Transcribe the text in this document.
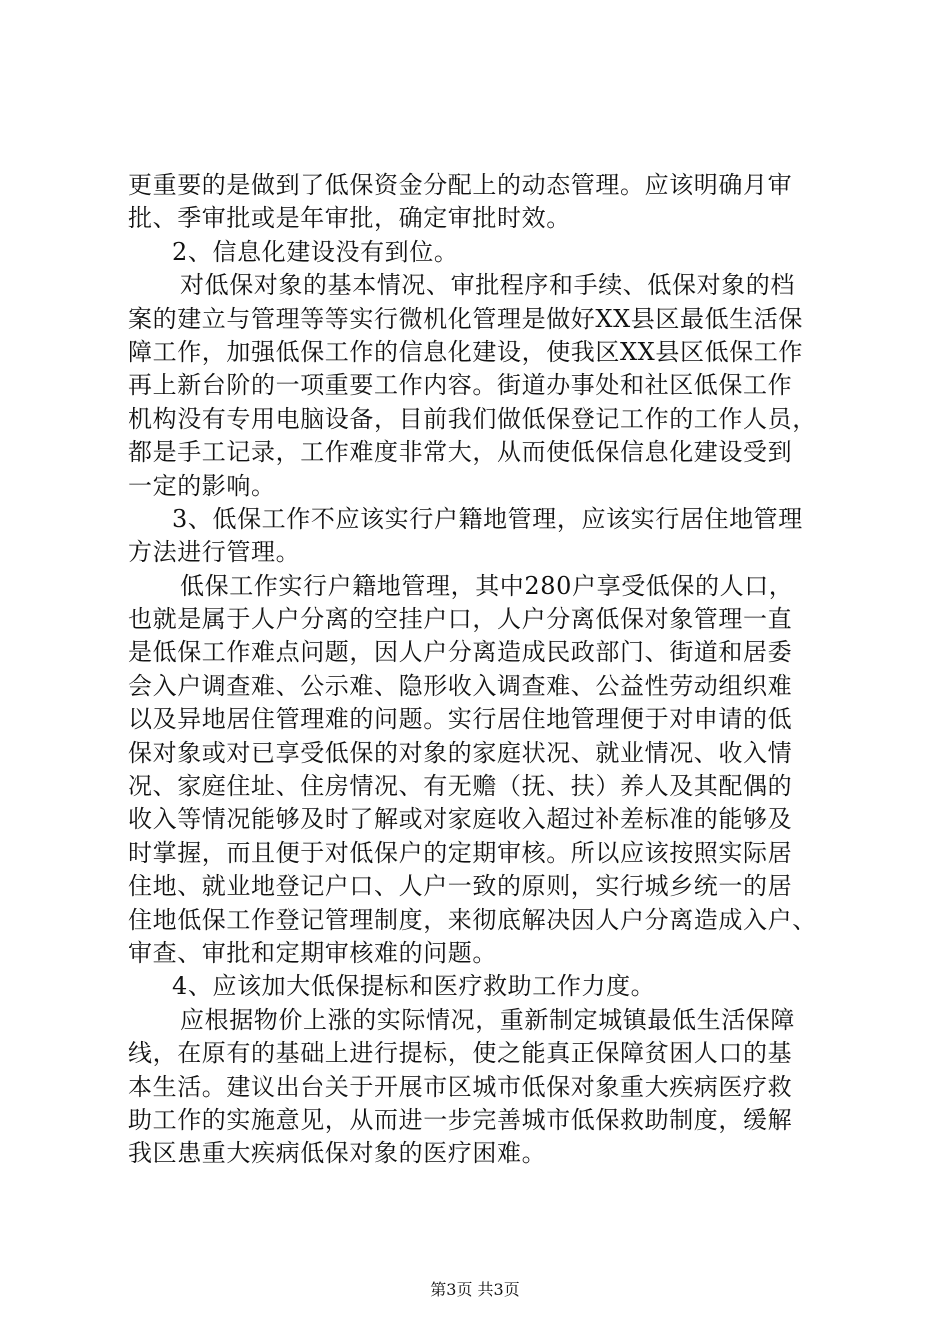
更重要的是做到了低保资金分配上的动态管理。应该明确月审
批、季审批或是年审批，确定审批时效。
2、信息化建设没有到位。
对低保对象的基本情况、审批程序和手续、低保对象的档
案的建立与管理等等实行微机化管理是做好XX县区最低生活保
障工作，加强低保工作的信息化建设，使我区XX县区低保工作
再上新台阶的一项重要工作内容。街道办事处和社区低保工作
机构没有专用电脑设备，目前我们做低保登记工作的工作人员，
都是手工记录，工作难度非常大，从而使低保信息化建设受到
一定的影响。
3、低保工作不应该实行户籍地管理，应该实行居住地管理
方法进行管理。
低保工作实行户籍地管理，其中280户享受低保的人口，
也就是属于人户分离的空挂户口，人户分离低保对象管理一直
是低保工作难点问题，因人户分离造成民政部门、街道和居委
会入户调查难、公示难、隐形收入调查难、公益性劳动组织难
以及异地居住管理难的问题。实行居住地管理便于对申请的低
保对象或对已享受低保的对象的家庭状况、就业情况、收入情
况、家庭住址、住房情况、有无赡（抚、扶）养人及其配偶的
收入等情况能够及时了解或对家庭收入超过补差标准的能够及
时掌握，而且便于对低保户的定期审核。所以应该按照实际居
住地、就业地登记户口、人户一致的原则，实行城乡统一的居
住地低保工作登记管理制度，来彻底解决因人户分离造成入户、
审查、审批和定期审核难的问题。
4、应该加大低保提标和医疗救助工作力度。
应根据物价上涨的实际情况，重新制定城镇最低生活保障
线，在原有的基础上进行提标，使之能真正保障贫困人口的基
本生活。建议出台关于开展市区城市低保对象重大疾病医疗救
助工作的实施意见，从而进一步完善城市低保救助制度，缓解
我区患重大疾病低保对象的医疗困难。
第3页 共3页
